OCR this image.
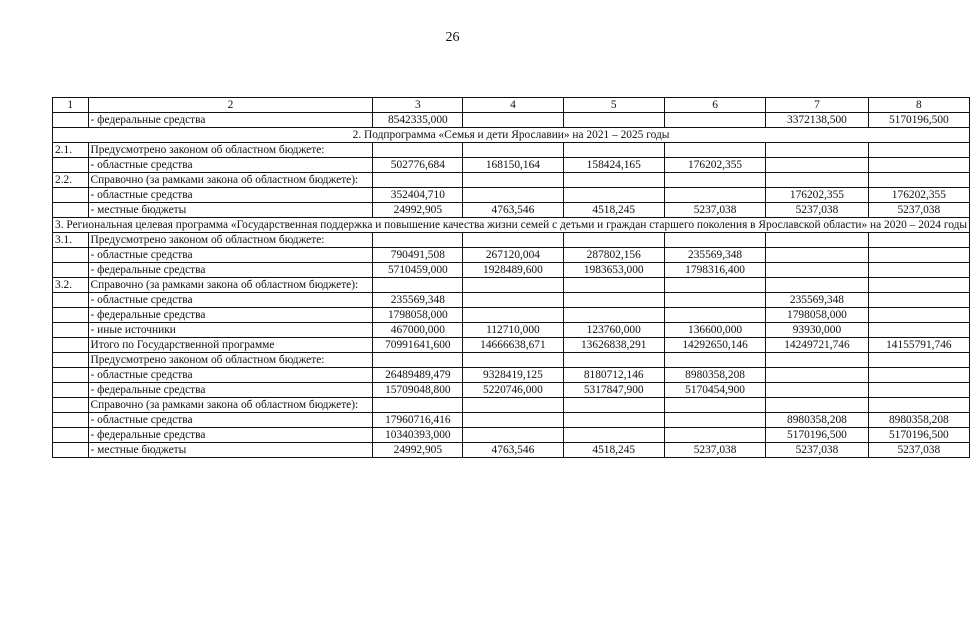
26
1	2	3	4	5	6	7	8
	- федеральные средства	8542335,000				3372138,500	5170196,500
2. Подпрограмма «Семья и дети Ярославии» на 2021 – 2025 годы							
2.1.	Предусмотрено законом об областном бюджете:						
	- областные средства	502776,684	168150,164	158424,165	176202,355		
2.2.	Справочно (за рамками закона об областном бюджете):						
	- областные средства	352404,710				176202,355	176202,355
	- местные бюджеты	24992,905	4763,546	4518,245	5237,038	5237,038	5237,038
3. Региональная целевая программа «Государственная поддержка и повышение качества жизни семей с детьми и граждан старшего поколения в Ярославской области» на 2020 – 2024 годы							
3.1.	Предусмотрено законом об областном бюджете:						
	- областные средства	790491,508	267120,004	287802,156	235569,348		
	- федеральные средства	5710459,000	1928489,600	1983653,000	1798316,400		
3.2.	Справочно (за рамками закона об областном бюджете):						
	- областные средства	235569,348				235569,348	
	- федеральные средства	1798058,000				1798058,000	
	- иные источники	467000,000	112710,000	123760,000	136600,000	93930,000	
	Итого по Государственной программе	70991641,600	14666638,671	13626838,291	14292650,146	14249721,746	14155791,746
	Предусмотрено законом об областном бюджете:						
	- областные средства	26489489,479	9328419,125	8180712,146	8980358,208		
	- федеральные средства	15709048,800	5220746,000	5317847,900	5170454,900		
	Справочно (за рамками закона об областном бюджете):						
	- областные средства	17960716,416				8980358,208	8980358,208
	- федеральные средства	10340393,000				5170196,500	5170196,500
	- местные бюджеты	24992,905	4763,546	4518,245	5237,038	5237,038	5237,038
